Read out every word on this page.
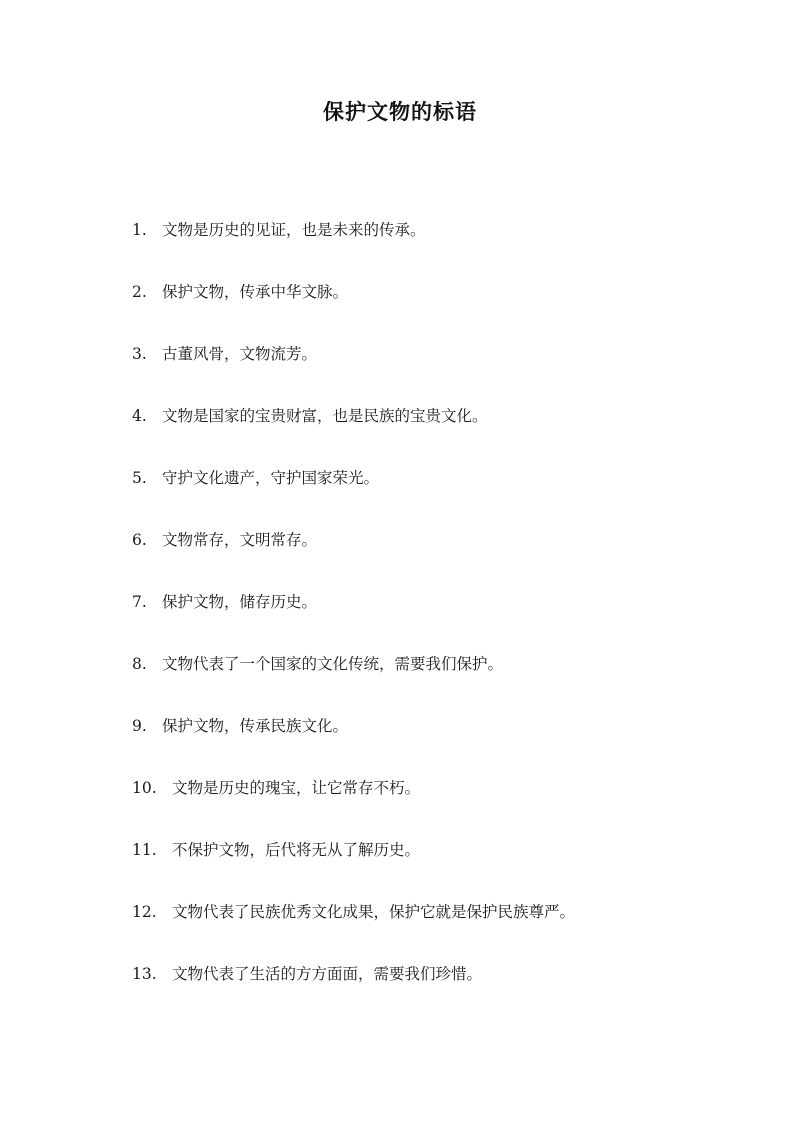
保护文物的标语
1. 文物是历史的见证，也是未来的传承。
2. 保护文物，传承中华文脉。
3. 古董风骨，文物流芳。
4. 文物是国家的宝贵财富，也是民族的宝贵文化。
5. 守护文化遗产，守护国家荣光。
6. 文物常存，文明常存。
7. 保护文物，储存历史。
8. 文物代表了一个国家的文化传统，需要我们保护。
9. 保护文物，传承民族文化。
10. 文物是历史的瑰宝，让它常存不朽。
11. 不保护文物，后代将无从了解历史。
12. 文物代表了民族优秀文化成果，保护它就是保护民族尊严。
13. 文物代表了生活的方方面面，需要我们珍惜。
